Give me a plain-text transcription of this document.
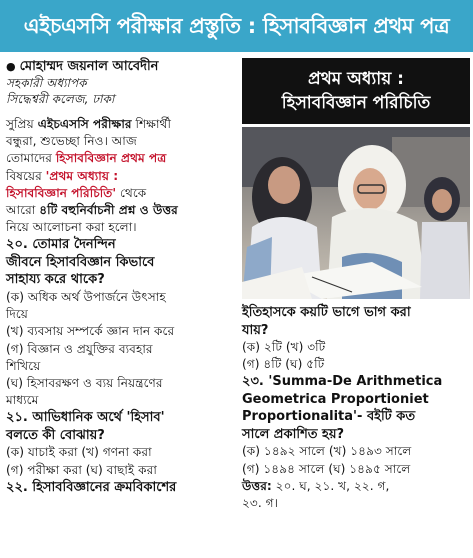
এইচএসসি পরীক্ষার প্রস্তুতি : হিসাববিজ্ঞান প্রথম পত্র
● মোহাম্মদ জয়নাল আবেদীন
সহকারী অধ্যাপক
সিদ্ধেশ্বরী কলেজ, ঢাকা
সুপ্রিয় এইচএসসি পরীক্ষার শিক্ষার্থী
বন্ধুরা, শুভেচ্ছা নিও। আজ
তোমাদের হিসাববিজ্ঞান প্রথম পত্র
বিষয়ের 'প্রথম অধ্যায় :
হিসাববিজ্ঞান পরিচিতি' থেকে
আরো ৪টি বহুনির্বাচনী প্রশ্ন ও উত্তর
নিয়ে আলোচনা করা হলো।
২০. তোমার দৈনন্দিন
জীবনে হিসাববিজ্ঞান কিভাবে
সাহায্য করে থাকে?
(ক) অধিক অর্থ উপার্জনে উৎসাহ
দিয়ে
(খ) ব্যবসায় সম্পর্কে জ্ঞান দান করে
(গ) বিজ্ঞান ও প্রযুক্তির ব্যবহার
শিখিয়ে
(ঘ) হিসাবরক্ষণ ও ব্যয় নিয়ন্ত্রণের
মাধ্যমে
২১. আভিধানিক অর্থে 'হিসাব'
বলতে কী বোঝায়?
(ক) যাচাই করা (খ) গণনা করা
(গ) পরীক্ষা করা (ঘ) বাছাই করা
২২. হিসাববিজ্ঞানের ক্রমবিকাশের
প্রথম অধ্যায় :
হিসাববিজ্ঞান পরিচিতি
ইতিহাসকে কয়টি ভাগে ভাগ করা
যায়?
(ক) ২টি (খ) ৩টি
(গ) ৪টি (ঘ) ৫টি
২৩. 'Summa-De Arithmetica
Geometrica Proportioniet
Proportionalita'- বইটি কত
সালে প্রকাশিত হয়?
(ক) ১৪৯২ সালে (খ) ১৪৯৩ সালে
(গ) ১৪৯৪ সালে (ঘ) ১৪৯৫ সালে
উত্তর: ২০. ঘ, ২১. খ, ২২. গ,
২৩. গ।
